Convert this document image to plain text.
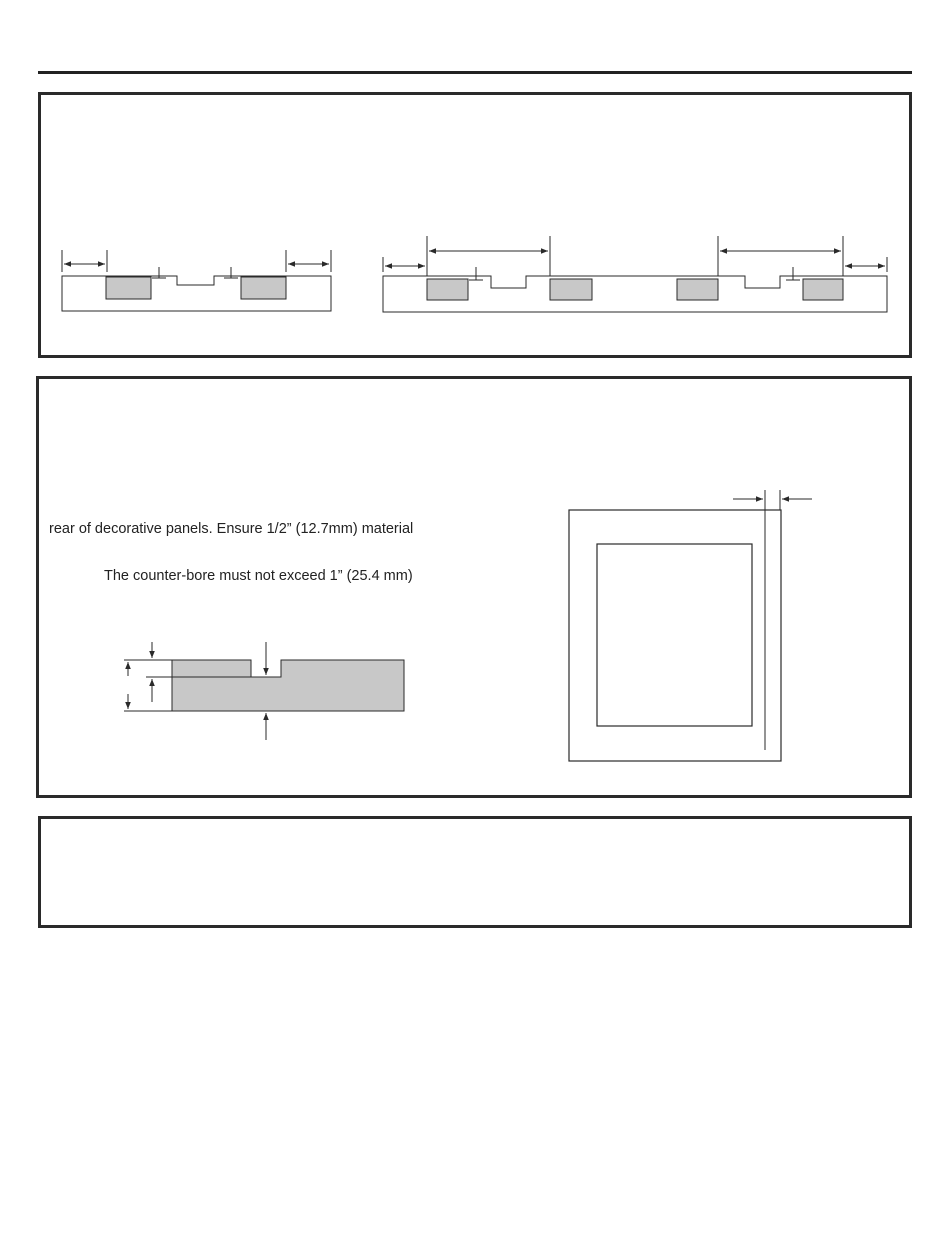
rear of decorative panels. Ensure 1/2” (12.7mm) material
The counter-bore must not exceed 1” (25.4 mm)
